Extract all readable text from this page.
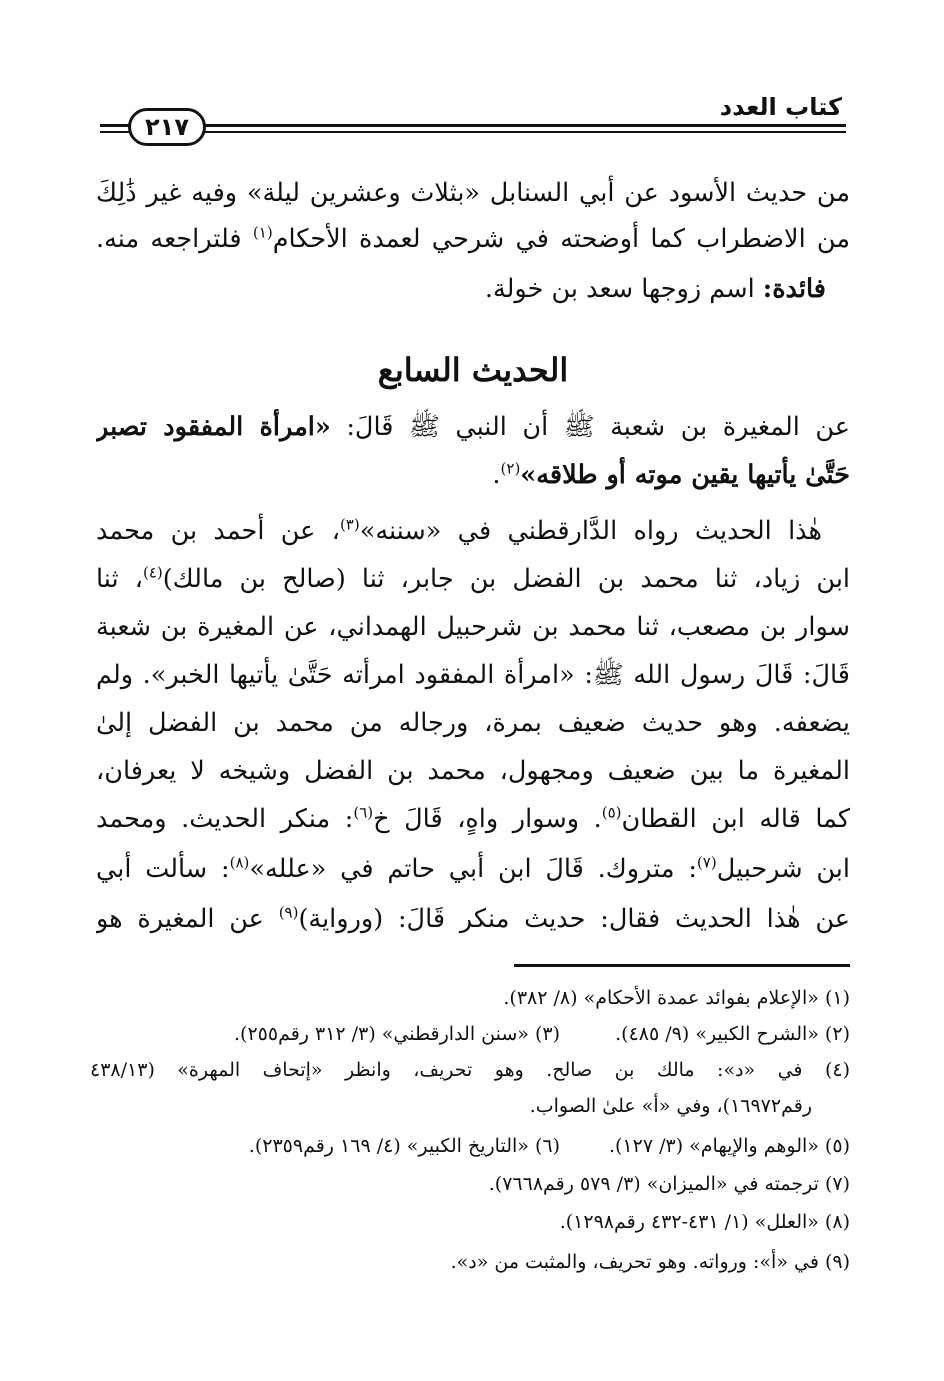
كتاب العدد
٢١٧
من حديث الأسود عن أبي السنابل «بثلاث وعشرين ليلة» وفيه غير ذَٰلِكَ
من الاضطراب كما أوضحته في شرحي لعمدة الأحكام$^{(١)}$ فلتراجعه منه.
فائدة: اسم زوجها سعد بن خولة.
الحديث السابع
عن المغيرة بن شعبة ﷺ أن النبي ﷺ قَالَ: «امرأة المفقود تصبر
حَتَّىٰ يأتيها يقين موته أو طلاقه»$^{(٢)}$.
هٰذا الحديث رواه الدَّارقطني في «سننه»$^{(٣)}$، عن أحمد بن محمد
ابن زياد، ثنا محمد بن الفضل بن جابر، ثنا (صالح بن مالك)$^{(٤)}$، ثنا
سوار بن مصعب، ثنا محمد بن شرحبيل الهمداني، عن المغيرة بن شعبة
قَالَ: قَالَ رسول الله ﷺ: «امرأة المفقود امرأته حَتَّىٰ يأتيها الخبر». ولم
يضعفه. وهو حديث ضعيف بمرة، ورجاله من محمد بن الفضل إلىٰ
المغيرة ما بين ضعيف ومجهول، محمد بن الفضل وشيخه لا يعرفان،
كما قاله ابن القطان$^{(٥)}$. وسوار واهٍ، قَالَ خ$^{(٦)}$: منكر الحديث. ومحمد
ابن شرحبيل$^{(٧)}$: متروك. قَالَ ابن أبي حاتم في «علله»$^{(٨)}$: سألت أبي
عن هٰذا الحديث فقال: حديث منكر قَالَ: (ورواية)$^{(٩)}$ عن المغيرة هو
(١) «الإعلام بفوائد عمدة الأحكام» (٨/ ٣٨٢).
(٢) «الشرح الكبير» (٩/ ٤٨٥).
(٣) «سنن الدارقطني» (٣/ ٣١٢ رقم٢٥٥).
(٤) في «د»: مالك بن صالح. وهو تحريف، وانظر «إتحاف المهرة» (٤٣٨/١٣
رقم١٦٩٧٢)، وفي «أ» علىٰ الصواب.
(٥) «الوهم والإيهام» (٣/ ١٢٧).
(٦) «التاريخ الكبير» (٤/ ١٦٩ رقم٢٣٥٩).
(٧) ترجمته في «الميزان» (٣/ ٥٧٩ رقم٧٦٦٨).
(٨) «العلل» (١/ ٤٣١-٤٣٢ رقم١٢٩٨).
(٩) في «أ»: ورواته. وهو تحريف، والمثبت من «د».
